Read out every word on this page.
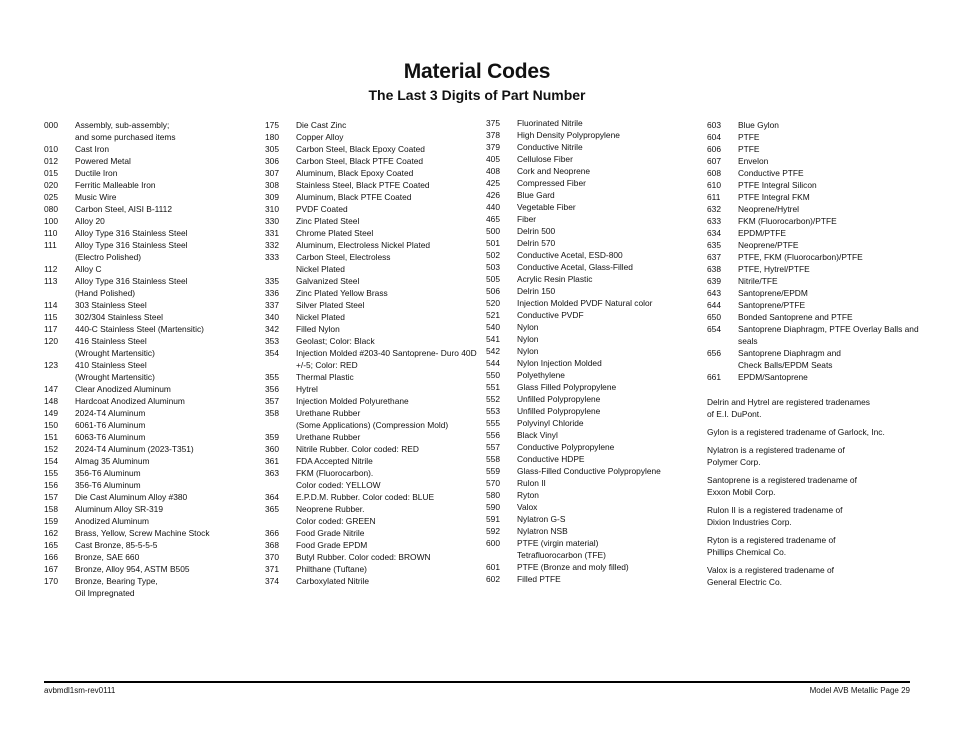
Material Codes
The Last 3 Digits of Part Number
000	Assembly, sub-assembly;
and some purchased items
010	Cast Iron
012	Powered Metal
015	Ductile Iron
020	Ferritic Malleable Iron
025	Music Wire
080	Carbon Steel, AISI B-1112
100	Alloy 20
110	Alloy Type 316 Stainless Steel
111	Alloy Type 316 Stainless Steel
(Electro Polished)
112	Alloy C
113	Alloy Type 316 Stainless Steel
(Hand Polished)
114	303 Stainless Steel
115	302/304 Stainless Steel
117	440-C Stainless Steel (Martensitic)
120	416 Stainless Steel
(Wrought Martensitic)
123	410 Stainless Steel
(Wrought Martensitic)
147	Clear Anodized Aluminum
148	Hardcoat Anodized Aluminum
149	2024-T4 Aluminum
150	6061-T6 Aluminum
151	6063-T6 Aluminum
152	2024-T4 Aluminum (2023-T351)
154	Almag 35 Aluminum
155	356-T6 Aluminum
156	356-T6 Aluminum
157	Die Cast Aluminum Alloy #380
158	Aluminum Alloy SR-319
159	Anodized Aluminum
162	Brass, Yellow, Screw Machine Stock
165	Cast Bronze, 85-5-5-5
166	Bronze, SAE 660
167	Bronze, Alloy 954, ASTM B505
170	Bronze, Bearing Type,
Oil Impregnated
175	Die Cast Zinc
180	Copper Alloy
305	Carbon Steel, Black Epoxy Coated
306	Carbon Steel, Black PTFE Coated
307	Aluminum, Black Epoxy Coated
308	Stainless Steel, Black PTFE Coated
309	Aluminum, Black PTFE Coated
310	PVDF Coated
330	Zinc Plated Steel
331	Chrome Plated Steel
332	Aluminum, Electroless Nickel Plated
333	Carbon Steel, Electroless
Nickel Plated
335	Galvanized Steel
336	Zinc Plated Yellow Brass
337	Silver Plated Steel
340	Nickel Plated
342	Filled Nylon
353	Geolast; Color: Black
354	Injection Molded #203-40 Santoprene- Duro 40D
+/-5; Color: RED
355	Thermal Plastic
356	Hytrel
357	Injection Molded Polyurethane
358	Urethane Rubber
(Some Applications) (Compression Mold)
359	Urethane Rubber
360	Nitrile Rubber. Color coded: RED
361	FDA Accepted Nitrile
363	FKM (Fluorocarbon).
Color coded: YELLOW
364	E.P.D.M. Rubber. Color coded: BLUE
365	Neoprene Rubber.
Color coded: GREEN
366	Food Grade Nitrile
368	Food Grade EPDM
370	Butyl Rubber. Color coded: BROWN
371	Philthane (Tuftane)
374	Carboxylated Nitrile
375	Fluorinated Nitrile
378	High Density Polypropylene
379	Conductive Nitrile
405	Cellulose Fiber
408	Cork and Neoprene
425	Compressed Fiber
426	Blue Gard
440	Vegetable Fiber
465	Fiber
500	Delrin 500
501	Delrin 570
502	Conductive Acetal, ESD-800
503	Conductive Acetal, Glass-Filled
505	Acrylic Resin Plastic
506	Delrin 150
520	Injection Molded PVDF Natural color
521	Conductive PVDF
540	Nylon
541	Nylon
542	Nylon
544	Nylon Injection Molded
550	Polyethylene
551	Glass Filled Polypropylene
552	Unfilled Polypropylene
553	Unfilled Polypropylene
555	Polyvinyl Chloride
556	Black Vinyl
557	Conductive Polypropylene
558	Conductive HDPE
559	Glass-Filled Conductive Polypropylene
570	Rulon II
580	Ryton
590	Valox
591	Nylatron G-S
592	Nylatron NSB
600	PTFE (virgin material)
Tetrafluorocarbon (TFE)
601	PTFE (Bronze and moly filled)
602	Filled PTFE
603	Blue Gylon
604	PTFE
606	PTFE
607	Envelon
608	Conductive PTFE
610	PTFE Integral Silicon
611	PTFE Integral FKM
632	Neoprene/Hytrel
633	FKM (Fluorocarbon)/PTFE
634	EPDM/PTFE
635	Neoprene/PTFE
637	PTFE, FKM (Fluorocarbon)/PTFE
638	PTFE, Hytrel/PTFE
639	Nitrile/TFE
643	Santoprene/EPDM
644	Santoprene/PTFE
650	Bonded Santoprene and PTFE
654	Santoprene Diaphragm, PTFE Overlay Balls and
seals
656	Santoprene Diaphragm and
Check Balls/EPDM Seats
661	EPDM/Santoprene
Delrin and Hytrel are registered tradenames
of E.I. DuPont.
Gylon is a registered tradename of Garlock, Inc.
Nylatron is a registered tradename of
Polymer Corp.
Santoprene is a registered tradename of
Exxon Mobil Corp.
Rulon II is a registered tradename of
Dixion Industries Corp.
Ryton is a registered tradename of
Phillips Chemical Co.
Valox is a registered tradename of
General Electric Co.
avbmdl1sm-rev0111	Model AVB Metallic Page 29
